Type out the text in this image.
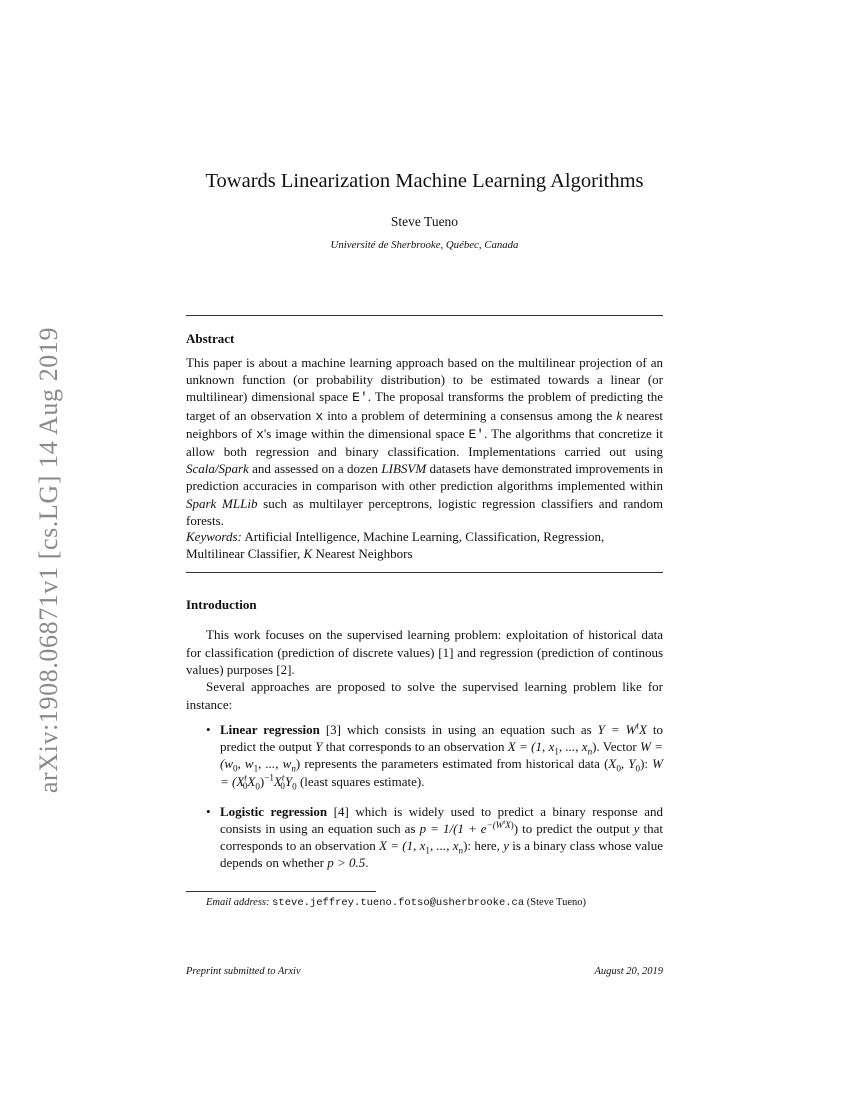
arXiv:1908.06871v1 [cs.LG] 14 Aug 2019
Towards Linearization Machine Learning Algorithms
Steve Tueno
Université de Sherbrooke, Québec, Canada
Abstract

This paper is about a machine learning approach based on the multilinear projection of an unknown function (or probability distribution) to be estimated towards a linear (or multilinear) dimensional space E'. The proposal transforms the problem of predicting the target of an observation x into a problem of determining a consensus among the k nearest neighbors of x's image within the dimensional space E'. The algorithms that concretize it allow both regression and binary classification. Implementations carried out using Scala/Spark and assessed on a dozen LIBSVM datasets have demonstrated improvements in prediction accuracies in comparison with other prediction algorithms implemented within Spark MLLib such as multilayer perceptrons, logistic regression classifiers and random forests.

Keywords: Artificial Intelligence, Machine Learning, Classification, Regression, Multilinear Classifier, K Nearest Neighbors

Introduction

This work focuses on the supervised learning problem: exploitation of historical data for classification (prediction of discrete values) [1] and regression (prediction of continous values) purposes [2].

Several approaches are proposed to solve the supervised learning problem like for instance:

• Linear regression [3] which consists in using an equation such as $Y = W^tX$ to predict the output Y that corresponds to an observation X = (1, $x_1$, ..., $x_n$). Vector $W = (w_0$, $w_1$, ..., $w_n$) represents the parameters estimated from historical data ($X_0$, $Y_0$): $W = (X^t_0X_0)^{-1}X^t_0Y_0$ (least squares estimate).
• Logistic regression [4] which is widely used to predict a binary response and consists in using an equation such as $p = 1/(1 + e^{-(W^tX)})$ to predict the output y that corresponds to an observation X = (1, $x_1$, ..., $x_n$): here, y is a binary class whose value depends on whether p > 0.5.
Email address: steve.jeffrey.tueno.fotso@usherbrooke.ca (Steve Tueno)
Preprint submitted to Arxiv	August 20, 2019
